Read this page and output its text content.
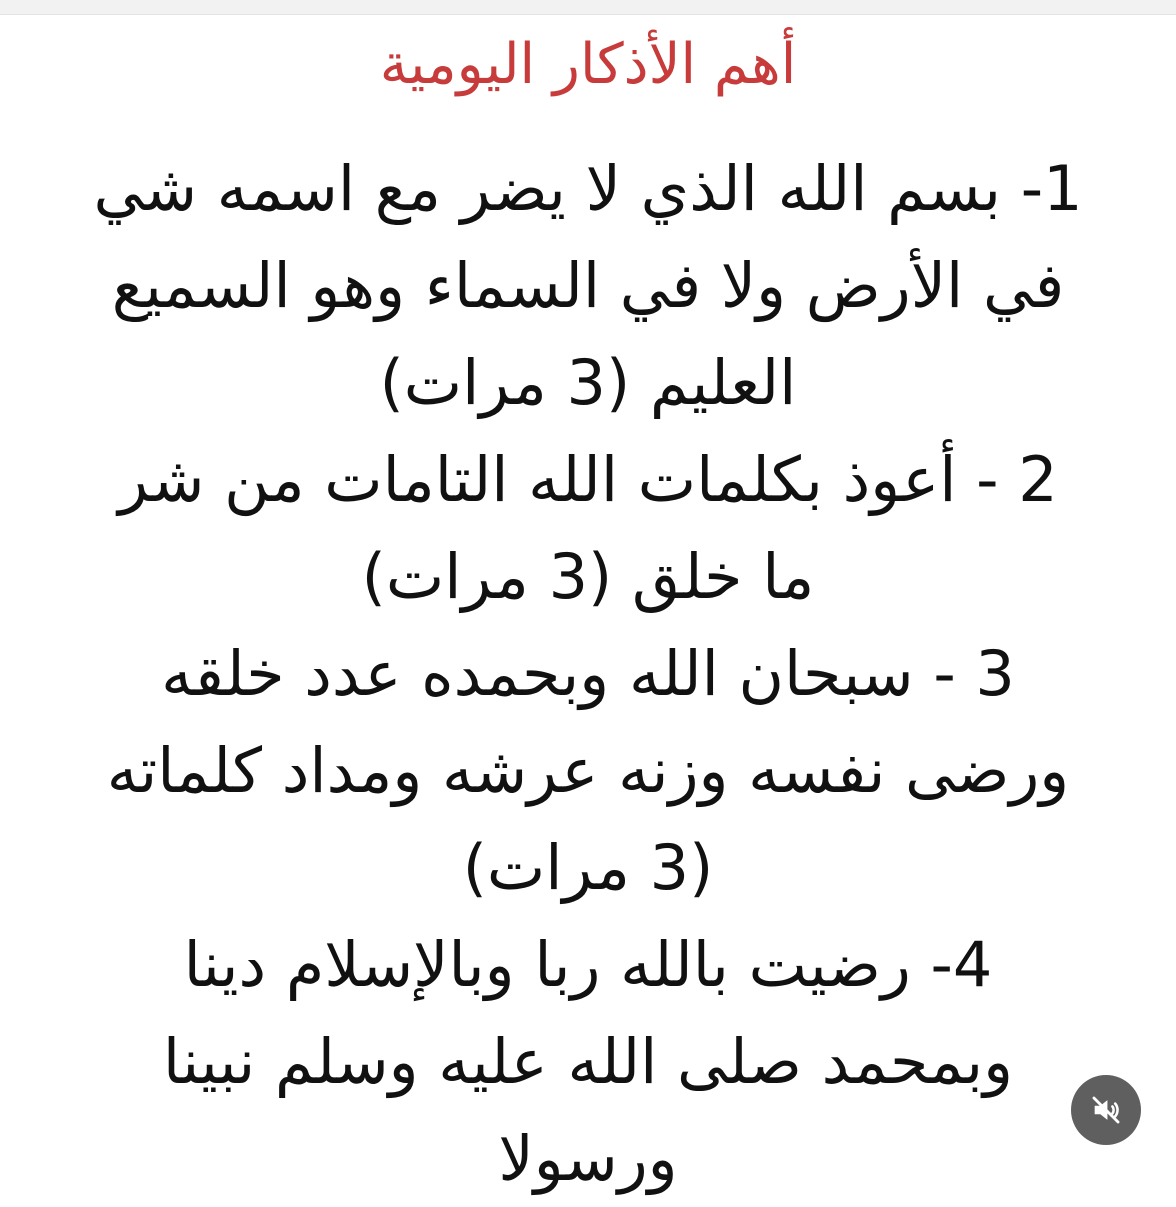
أهم الأذكار اليومية
1- بسم الله الذي لا يضر مع اسمه شي
في الأرض ولا في السماء وهو السميع
العليم (3 مرات)
2 - أعوذ بكلمات الله التامات من شر
ما خلق (3 مرات)
3 - سبحان الله وبحمده عدد خلقه
ورضى نفسه وزنه عرشه ومداد كلماته
(3 مرات)
4- رضيت بالله ربا وبالإسلام دينا
وبمحمد صلى الله عليه وسلم نبينا
ورسولا
